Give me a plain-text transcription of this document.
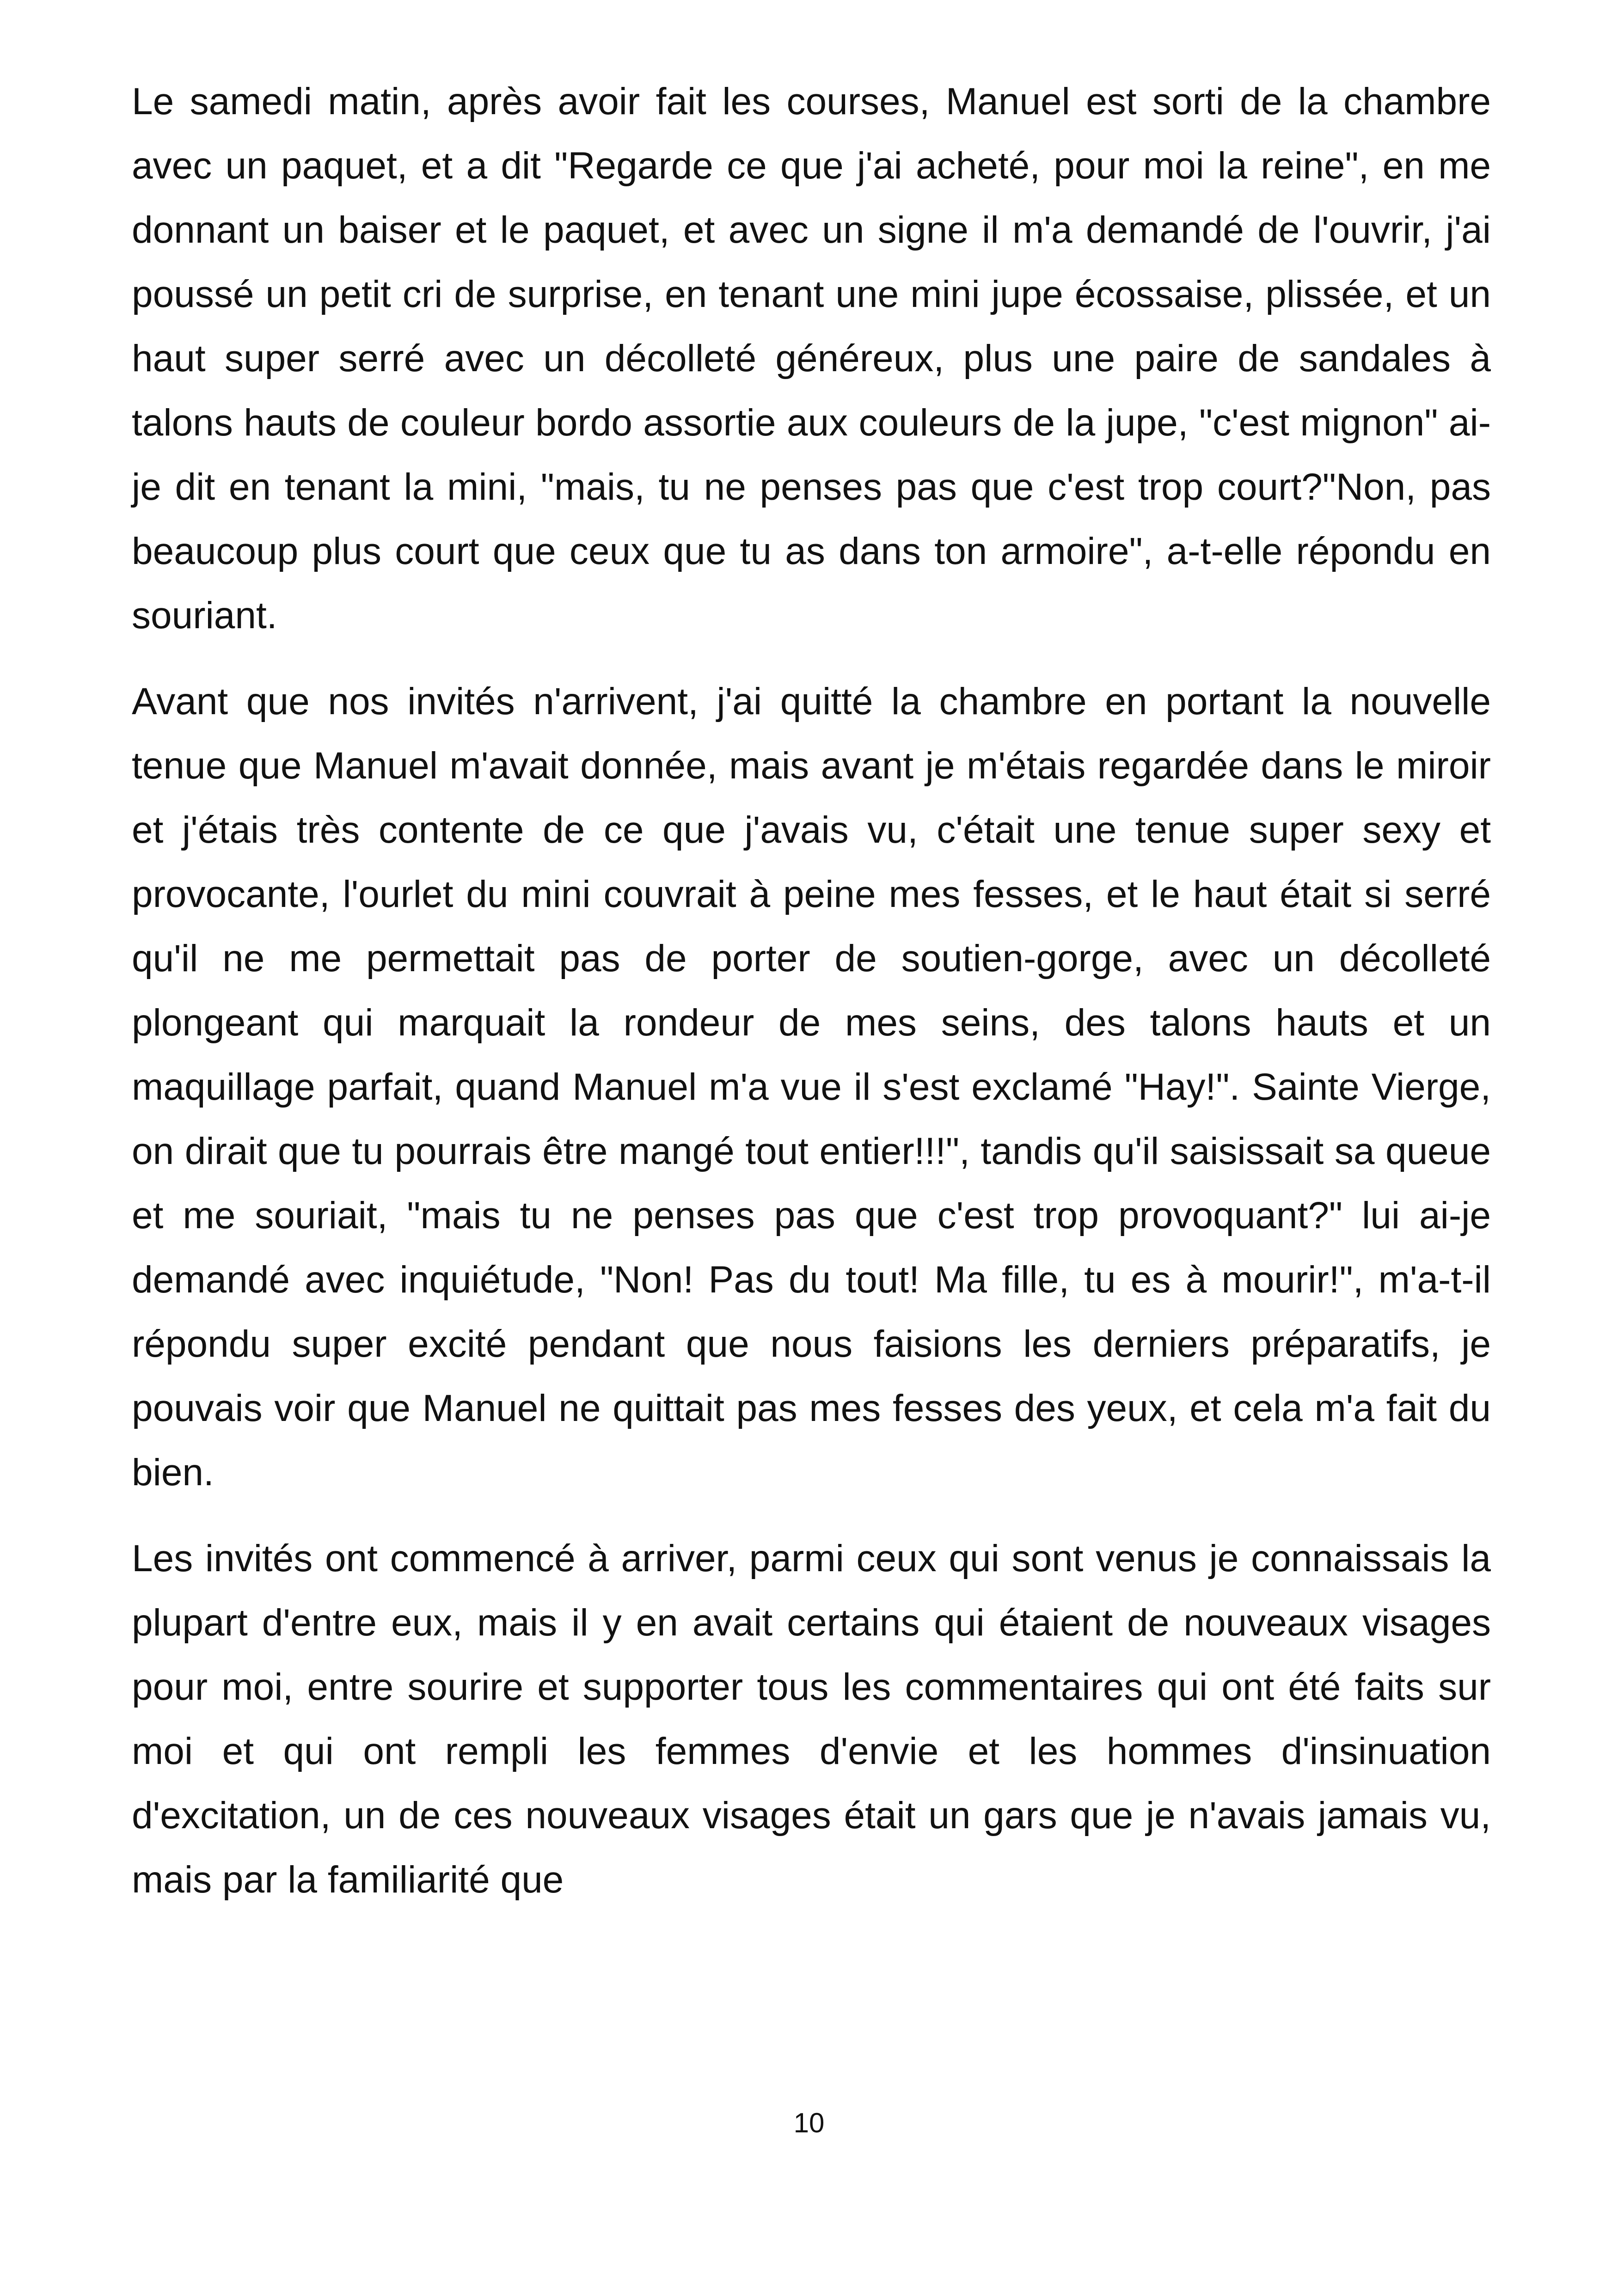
Le samedi matin, après avoir fait les courses, Manuel est sorti de la chambre avec un paquet, et a dit "Regarde ce que j'ai acheté, pour moi la reine", en me donnant un baiser et le paquet, et avec un signe il m'a demandé de l'ouvrir, j'ai poussé un petit cri de surprise, en tenant une mini jupe écossaise, plissée, et un haut super serré avec un décolleté généreux, plus une paire de sandales à talons hauts de couleur bordo assortie aux couleurs de la jupe, "c'est mignon" ai-je dit en tenant la mini, "mais, tu ne penses pas que c'est trop court?"Non, pas beaucoup plus court que ceux que tu as dans ton armoire", a-t-elle répondu en souriant.

Avant que nos invités n'arrivent, j'ai quitté la chambre en portant la nouvelle tenue que Manuel m'avait donnée, mais avant je m'étais regardée dans le miroir et j'étais très contente de ce que j'avais vu, c'était une tenue super sexy et provocante, l'ourlet du mini couvrait à peine mes fesses, et le haut était si serré qu'il ne me permettait pas de porter de soutien-gorge, avec un décolleté plongeant qui marquait la rondeur de mes seins, des talons hauts et un maquillage parfait, quand Manuel m'a vue il s'est exclamé "Hay!". Sainte Vierge, on dirait que tu pourrais être mangé tout entier!!!", tandis qu'il saisissait sa queue et me souriait, "mais tu ne penses pas que c'est trop provoquant?" lui ai-je demandé avec inquiétude, "Non! Pas du tout! Ma fille, tu es à mourir!", m'a-t-il répondu super excité pendant que nous faisions les derniers préparatifs, je pouvais voir que Manuel ne quittait pas mes fesses des yeux, et cela m'a fait du bien.

Les invités ont commencé à arriver, parmi ceux qui sont venus je connaissais la plupart d'entre eux, mais il y en avait certains qui étaient de nouveaux visages pour moi, entre sourire et supporter tous les commentaires qui ont été faits sur moi et qui ont rempli les femmes d'envie et les hommes d'insinuation d'excitation, un de ces nouveaux visages était un gars que je n'avais jamais vu, mais par la familiarité que

10
